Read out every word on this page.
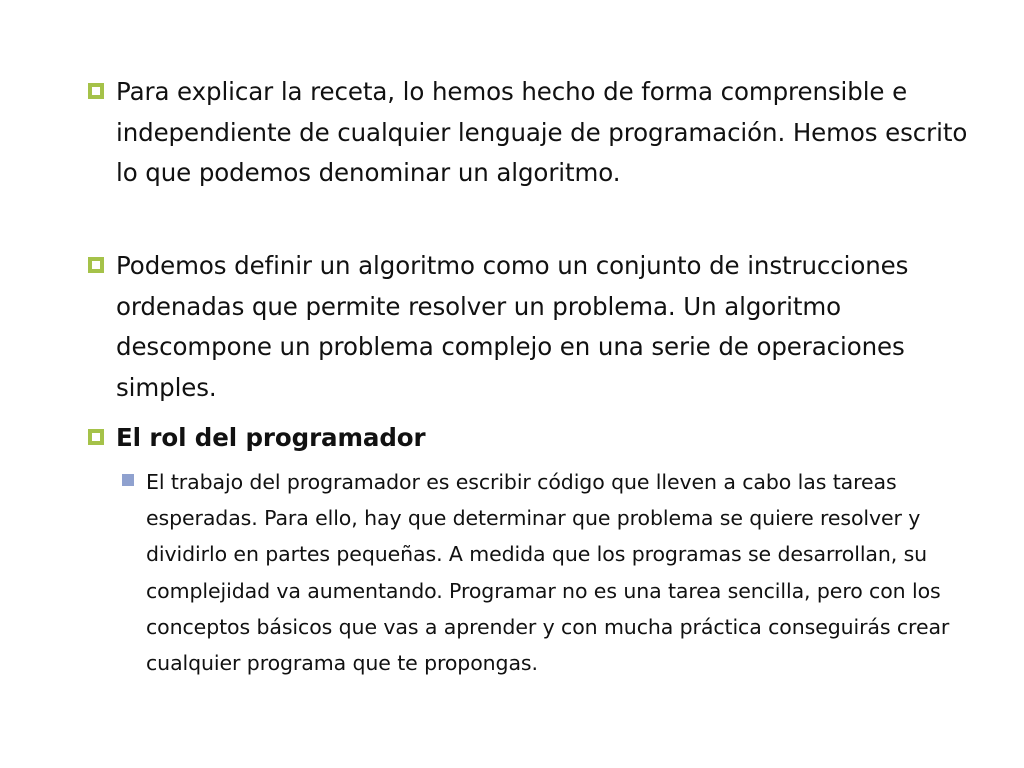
Para explicar la receta, lo hemos hecho de forma comprensible e independiente de cualquier lenguaje de programación. Hemos escrito lo que podemos denominar un algoritmo.
Podemos definir un algoritmo como un conjunto de instrucciones ordenadas que permite resolver un problema. Un algoritmo descompone un problema complejo en una serie de operaciones simples.
El rol del programador
El trabajo del programador es escribir código que lleven a cabo las tareas esperadas. Para ello, hay que determinar que problema se quiere resolver y dividirlo en partes pequeñas. A medida que los programas se desarrollan, su complejidad va aumentando. Programar no es una tarea sencilla, pero con los conceptos básicos que vas a aprender y con mucha práctica conseguirás crear cualquier programa que te propongas.
